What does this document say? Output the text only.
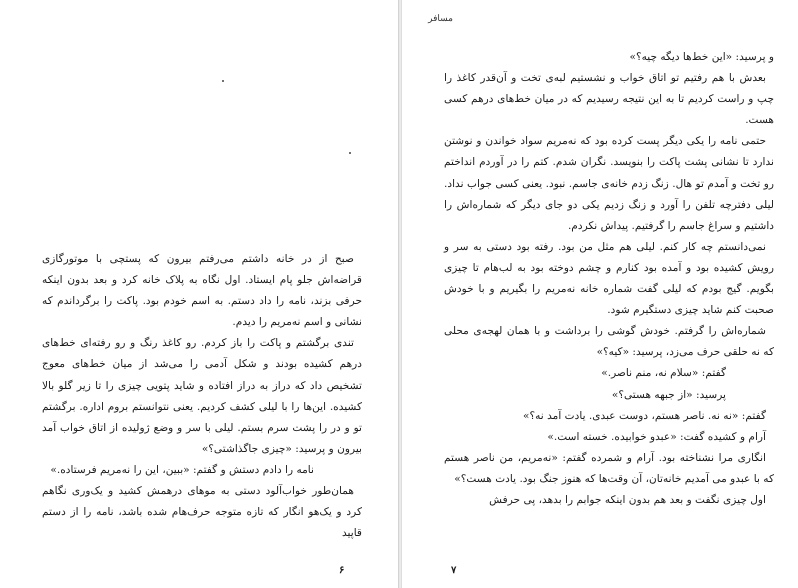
صبح از در خانه داشتم می‌رفتم بیرون که پستچی با موتورگازی قراضه‌اش جلو پام ایستاد. اول نگاه به پلاک خانه کرد و بعد بدون اینکه حرفی بزند، نامه را داد دستم. به اسم خودم بود. پاکت را برگرداندم که نشانی و اسم نه‌مریم را دیدم.

تندی برگشتم و پاکت را باز کردم. رو کاغذ رنگ و رو رفته‌ای خط‌های درهم کشیده بودند و شکل آدمی را می‌شد از میان خط‌های معوج تشخیص داد که دراز به دراز افتاده و شاید پتویی چیزی را تا زیر گلو بالا کشیده. این‌ها را با لیلی کشف کردیم. یعنی نتوانستم بروم اداره. برگشتم تو و در را پشت سرم بستم. لیلی با سر و وضع ژولیده از اتاق خواب آمد بیرون و پرسید: «چیزی جاگذاشتی؟»

نامه را دادم دستش و گفتم: «ببین، این را نه‌مریم فرستاده.»

همان‌طور خواب‌آلود دستی به موهای درهمش کشید و یک‌وری نگاهم کرد و یک‌هو انگار که تازه متوجه حرف‌هام شده باشد، نامه را از دستم قاپید

۶
مسافر

و پرسید: «این خط‌ها دیگه چیه؟»

بعدش با هم رفتیم تو اتاق خواب و نشستیم لبه‌ی تخت و آن‌قدر کاغذ را چپ و راست کردیم تا به این نتیجه رسیدیم که در میان خط‌های درهم کسی هست.

حتمی نامه را یکی دیگر پست کرده بود که نه‌مریم سواد خواندن و نوشتن ندارد تا نشانی پشت پاکت را بنویسد. نگران شدم. کتم را در آوردم انداختم رو تخت و آمدم تو هال. زنگ زدم خانه‌ی جاسم. نبود. یعنی کسی جواب نداد. لیلی دفترچه تلفن را آورد و زنگ زدیم یکی دو جای دیگر که شماره‌اش را داشتیم و سراغ جاسم را گرفتیم. پیداش نکردم.

نمی‌دانستم چه کار کنم. لیلی هم مثل من بود. رفته بود دستی به سر و رویش کشیده بود و آمده بود کنارم و چشم دوخته بود به لب‌هام تا چیزی بگویم. گیج بودم که لیلی گفت شماره خانه نه‌مریم را بگیریم و با خودش صحبت کنم شاید چیزی دستگیرم شود.

شماره‌اش را گرفتم. خودش گوشی را برداشت و با همان لهجه‌ی محلی که نه حلقی حرف می‌زد، پرسید: «کیه؟»

گفتم: «سلام نه، منم ناصر.»

پرسید: «از جبهه هستی؟»

گفتم: «نه نه. ناصر هستم، دوست عبدی. یادت آمد نه؟»

آرام و کشیده گفت: «عبدو خوابیده. خسته است.»

انگاری مرا نشناخته بود. آرام و شمرده گفتم: «نه‌مریم، من ناصر هستم که با عبدو می آمدیم خانه‌تان، آن وقت‌ها که هنوز جنگ بود. یادت هست؟»

اول چیزی نگفت و بعد هم بدون اینکه جوابم را بدهد، پی حرفش

۷
